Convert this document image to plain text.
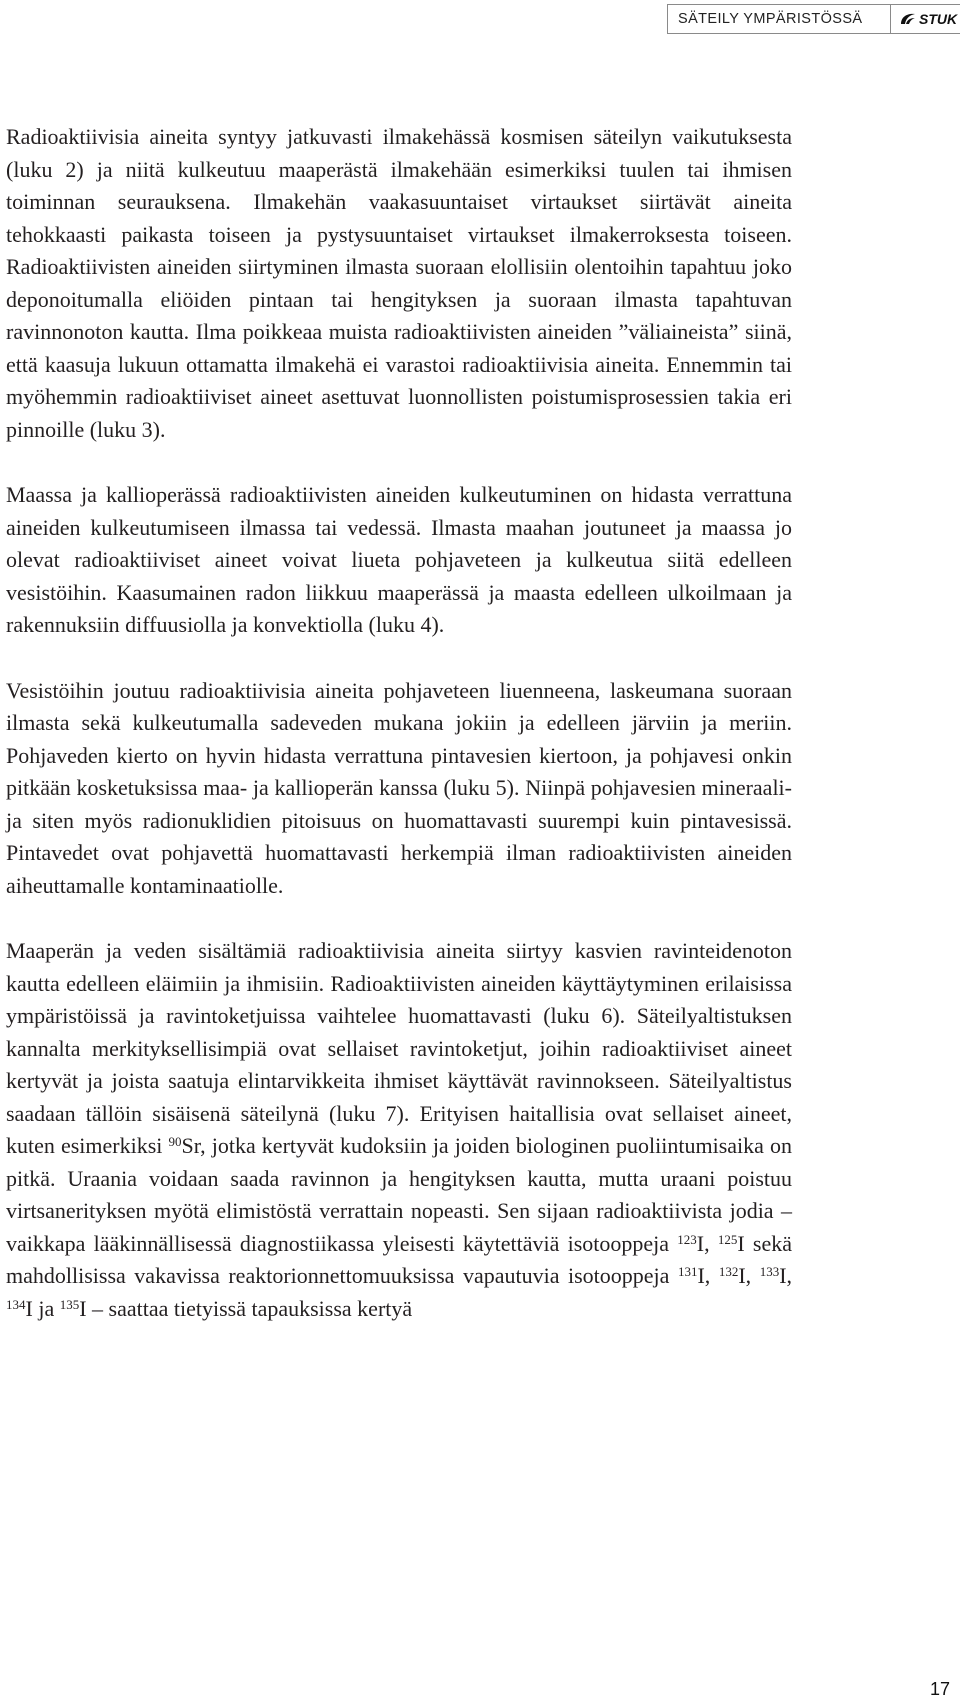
SÄTEILY YMPÄRISTÖSSÄ	STUK

Radioaktiivisia aineita syntyy jatkuvasti ilmakehässä kosmisen säteilyn vaikutuksesta (luku 2) ja niitä kulkeutuu maaperästä ilmakehään esimerkiksi tuulen tai ihmisen toiminnan seurauksena. Ilmakehän vaakasuuntaiset virtaukset siirtävät aineita tehokkaasti paikasta toiseen ja pystysuuntaiset virtaukset ilmakerroksesta toiseen. Radioaktiivisten aineiden siirtyminen ilmasta suoraan elollisiin olentoihin tapahtuu joko deponoitumalla eliöiden pintaan tai hengityksen ja suoraan ilmasta tapahtuvan ravinnonoton kautta. Ilma poikkeaa muista radioaktiivisten aineiden ”väliaineista” siinä, että kaasuja lukuun ottamatta ilmakehä ei varastoi radioaktiivisia aineita. Ennemmin tai myöhemmin radioaktiiviset aineet asettuvat luonnollisten poistumisprosessien takia eri pinnoille (luku 3).

Maassa ja kallioperässä radioaktiivisten aineiden kulkeutuminen on hidasta verrattuna aineiden kulkeutumiseen ilmassa tai vedessä. Ilmasta maahan joutuneet ja maassa jo olevat radioaktiiviset aineet voivat liueta pohjaveteen ja kulkeutua siitä edelleen vesistöihin. Kaasumainen radon liikkuu maaperässä ja maasta edelleen ulkoilmaan ja rakennuksiin diffuusiolla ja konvektiolla (luku 4).

Vesistöihin joutuu radioaktiivisia aineita pohjaveteen liuenneena, laskeumana suoraan ilmasta sekä kulkeutumalla sadeveden mukana jokiin ja edelleen järviin ja meriin. Pohjaveden kierto on hyvin hidasta verrattuna pintavesien kiertoon, ja pohjavesi onkin pitkään kosketuksissa maa- ja kallioperän kanssa (luku 5). Niinpä pohjavesien mineraali- ja siten myös radionuklidien pitoisuus on huomattavasti suurempi kuin pintavesissä. Pintavedet ovat pohjavettä huomattavasti herkempiä ilman radioaktiivisten aineiden aiheuttamalle kontaminaatiolle.

Maaperän ja veden sisältämiä radioaktiivisia aineita siirtyy kasvien ravinteidenoton kautta edelleen eläimiin ja ihmisiin. Radioaktiivisten aineiden käyttäytyminen erilaisissa ympäristöissä ja ravintoketjuissa vaihtelee huomattavasti (luku 6). Säteilyaltistuksen kannalta merkityksellisimpiä ovat sellaiset ravintoketjut, joihin radioaktiiviset aineet kertyvät ja joista saatuja elintarvikkeita ihmiset käyttävät ravinnokseen. Säteilyaltistus saadaan tällöin sisäisenä säteilynä (luku 7). Erityisen haitallisia ovat sellaiset aineet, kuten esimerkiksi $^{90}$Sr, jotka kertyvät kudoksiin ja joiden biologinen puoliintumisaika on pitkä. Uraania voidaan saada ravinnon ja hengityksen kautta, mutta uraani poistuu virtsanerityksen myötä elimistöstä verrattain nopeasti. Sen sijaan radioaktiivista jodia – vaikkapa lääkinnällisessä diagnostiikassa yleisesti käytettäviä isotooppeja $^{123}$I, $^{125}$I sekä mahdollisissa vakavissa reaktorionnettomuuksissa vapautuvia isotooppeja $^{131}$I, $^{132}$I, $^{133}$I, $^{134}$I ja $^{135}$I – saattaa tietyissä tapauksissa kertyä

17
